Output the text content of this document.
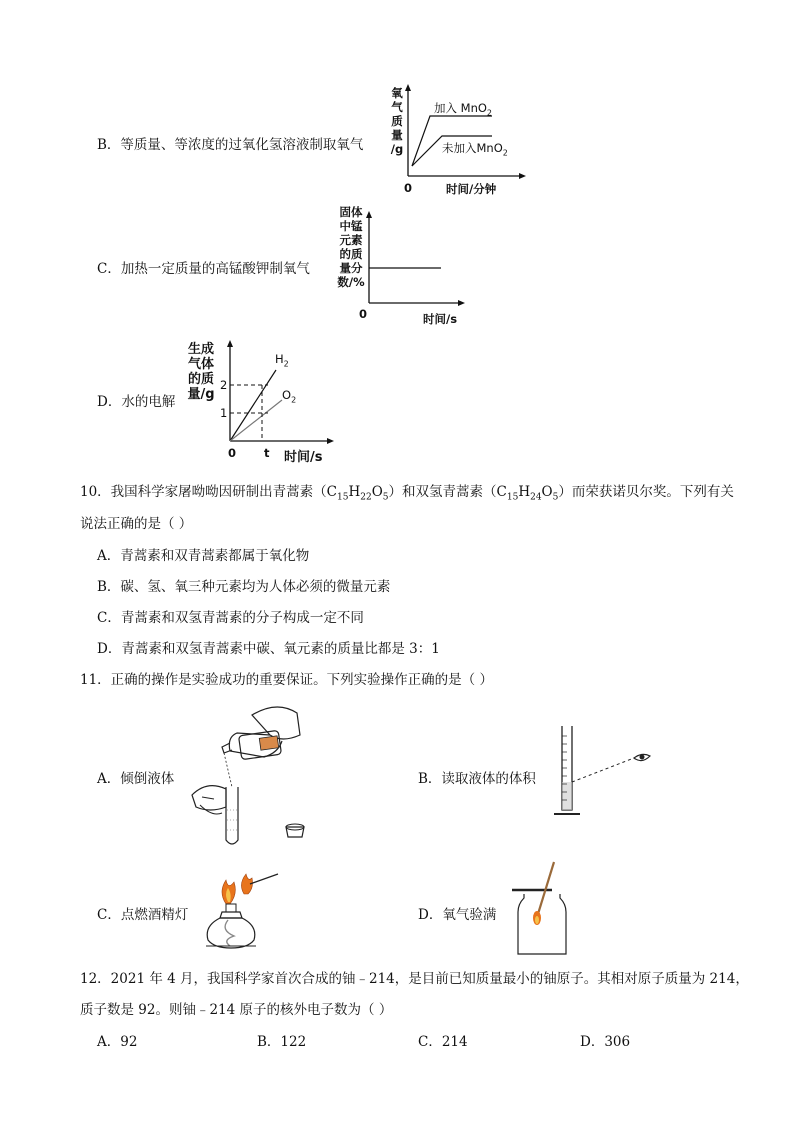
B．等质量、等浓度的过氧化氢溶液制取氧气
氧
气
质
量
/g
加入 MnO$_2$
未加入MnO$_2$
0	时间/分钟
C．加热一定质量的高锰酸钾制氧气
固体
中锰
元素
的质
量分
数/%
0	时间/s
D．水的电解
生成
气体
的质
量/g
2
1
0 t 时间/s
$H_2$
$O_2$
10．我国科学家屠呦呦因研制出青蒿素$(C_{15}H_{22}O_5)$和双氢青蒿素$(C_{15}H_{24}O_5)$而荣获诺贝尔奖。下列有关
说法正确的是（ ）
A．青蒿素和双青蒿素都属于氧化物
B．碳、氢、氧三种元素均为人体必须的微量元素
C．青蒿素和双氢青蒿素的分子构成一定不同
D．青蒿素和双氢青蒿素中碳、氧元素的质量比都是 3：1
11．正确的操作是实验成功的重要保证。下列实验操作正确的是（ ）
A．倾倒液体	B．读取液体的体积
C．点燃酒精灯	D．氧气验满
12．2021 年 4 月，我国科学家首次合成的铀﹣214，是目前已知质量最小的铀原子。其相对原子质量为 214，
质子数是 92。则铀﹣214 原子的核外电子数为（ ）
A．92	B．122	C．214	D．306
